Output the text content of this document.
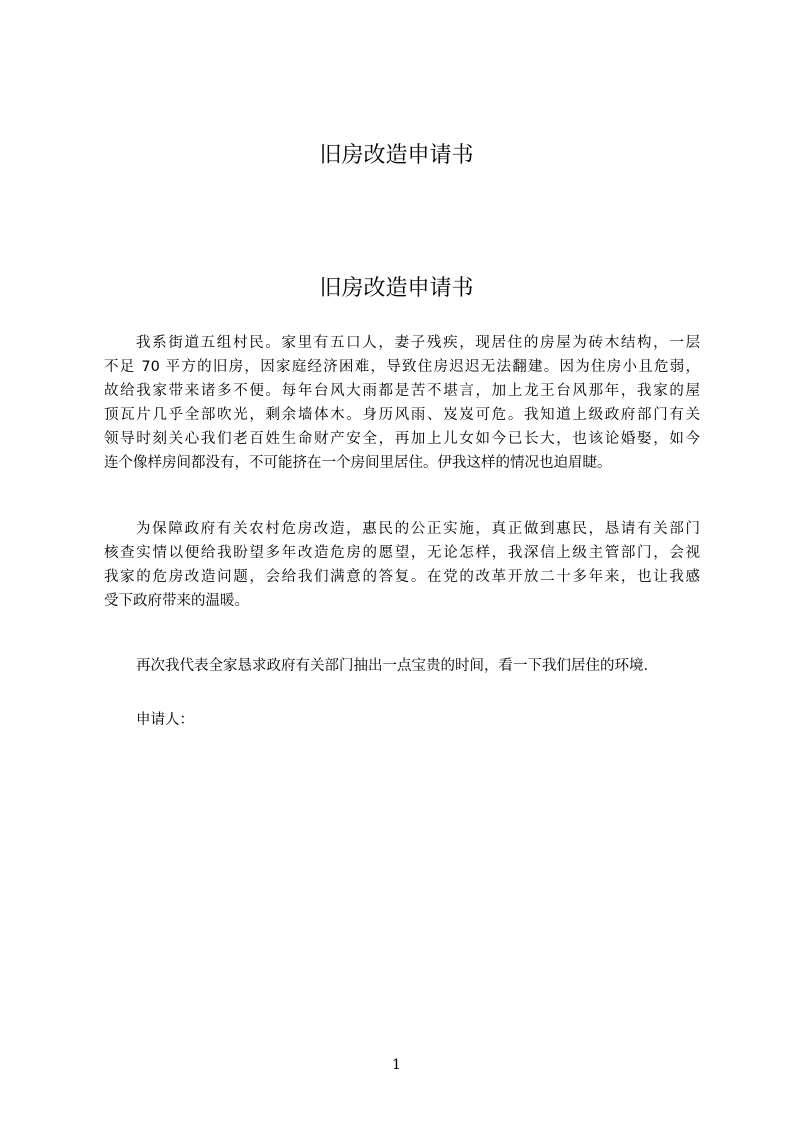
旧房改造申请书
旧房改造申请书
我系街道五组村民。家里有五口人，妻子残疾，现居住的房屋为砖木结构，一层
不足 70 平方的旧房，因家庭经济困难，导致住房迟迟无法翻建。因为住房小且危弱，
故给我家带来诸多不便。每年台风大雨都是苦不堪言，加上龙王台风那年，我家的屋
顶瓦片几乎全部吹光，剩余墙体木。身历风雨、岌岌可危。我知道上级政府部门有关
领导时刻关心我们老百姓生命财产安全，再加上儿女如今已长大，也该论婚娶，如今
连个像样房间都没有，不可能挤在一个房间里居住。伊我这样的情况也迫眉睫。
为保障政府有关农村危房改造，惠民的公正实施，真正做到惠民，恳请有关部门
核查实情以便给我盼望多年改造危房的愿望，无论怎样，我深信上级主管部门，会视
我家的危房改造问题，会给我们满意的答复。在党的改革开放二十多年来，也让我感
受下政府带来的温暖。
再次我代表全家恳求政府有关部门抽出一点宝贵的时间，看一下我们居住的环境.
申请人：
1
